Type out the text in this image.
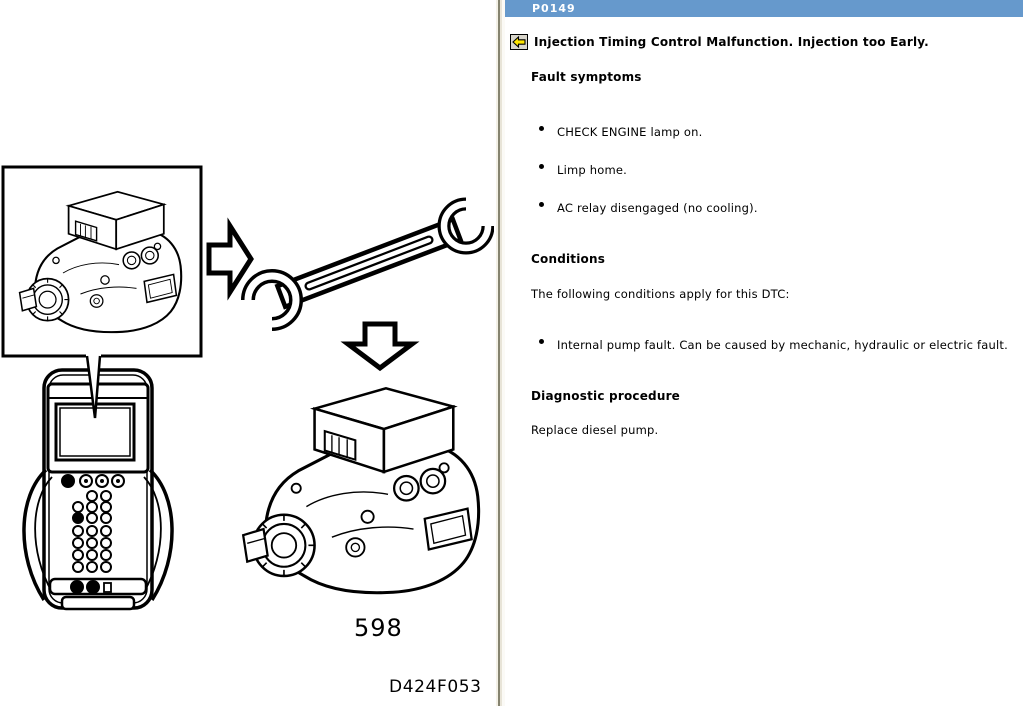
598
D424F053
P0149
Injection Timing Control Malfunction. Injection too Early.
Fault symptoms
CHECK ENGINE lamp on.
Limp home.
AC relay disengaged (no cooling).
Conditions
The following conditions apply for this DTC:
Internal pump fault. Can be caused by mechanic, hydraulic or electric fault.
Diagnostic procedure
Replace diesel pump.
